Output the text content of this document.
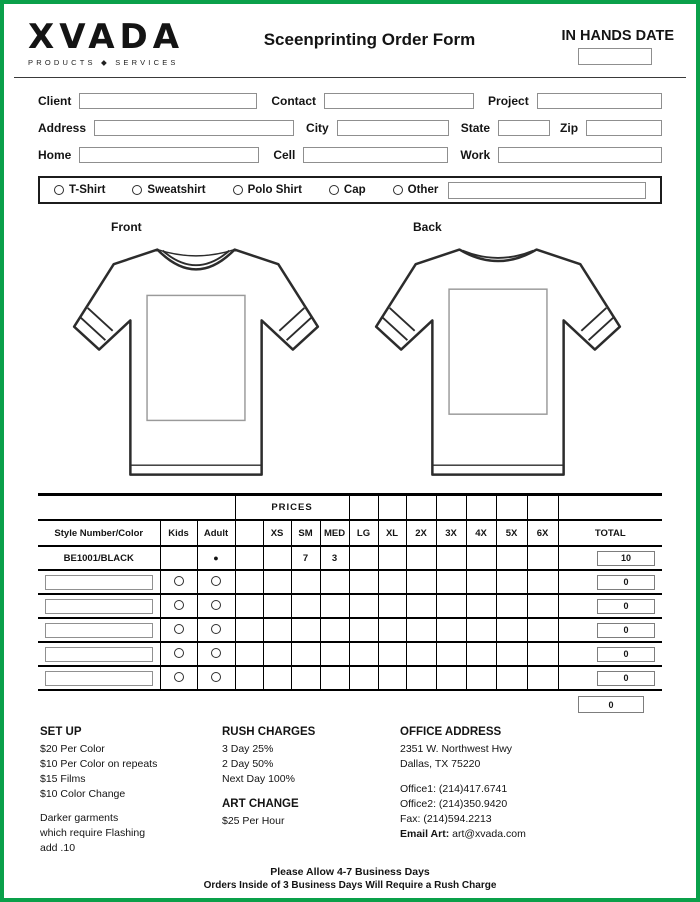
XVADA
PRODUCTS ◆ SERVICES
Sceenprinting Order Form	IN HANDS DATE
Client	Contact	Project
Address	City	State	Zip
Home	Cell	Work
T-Shirt	Sweatshirt	Polo Shirt	Cap	Other
Front	Back
			PRICES											
Style Number/Color	Kids	Adult		XS	SM	MED	LG	XL	2X	3X	4X	5X	6X	TOTAL
BE1001/BLACK		●			7	3								10

0

0

0

0

0
0
SET UP
$20 Per Color
$10 Per Color on repeats
$15 Films
$10 Color Change
Darker garments
which require Flashing
add .10
RUSH CHARGES
3 Day 25%
2 Day 50%
Next Day 100%
ART CHANGE
$25 Per Hour
OFFICE ADDRESS
2351 W. Northwest Hwy
Dallas, TX 75220
Office1: (214)417.6741
Office2: (214)350.9420
Fax: (214)594.2213
Email Art: art@xvada.com
Please Allow 4-7 Business Days
Orders Inside of 3 Business Days Will Require a Rush Charge
